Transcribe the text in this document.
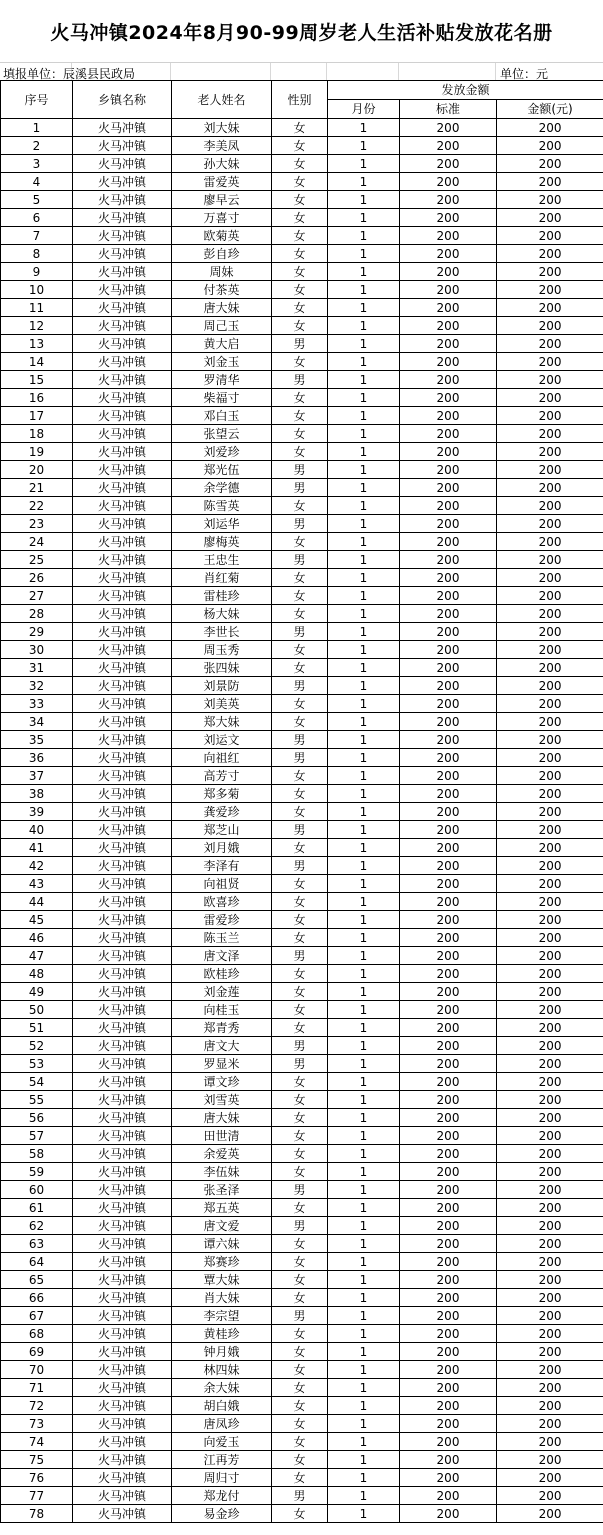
火马冲镇2024年8月90-99周岁老人生活补贴发放花名册
填报单位：辰溪县民政局	单位：元
序号	乡镇名称	老人姓名	性别	发放金额		
				月份	标准	金额(元)
1	火马冲镇	刘大妹	女	1	200	200
2	火马冲镇	李美凤	女	1	200	200
3	火马冲镇	孙大妹	女	1	200	200
4	火马冲镇	雷爱英	女	1	200	200
5	火马冲镇	廖早云	女	1	200	200
6	火马冲镇	万喜寸	女	1	200	200
7	火马冲镇	欧菊英	女	1	200	200
8	火马冲镇	彭自珍	女	1	200	200
9	火马冲镇	周妹	女	1	200	200
10	火马冲镇	付茶英	女	1	200	200
11	火马冲镇	唐大妹	女	1	200	200
12	火马冲镇	周己玉	女	1	200	200
13	火马冲镇	黄大启	男	1	200	200
14	火马冲镇	刘金玉	女	1	200	200
15	火马冲镇	罗清华	男	1	200	200
16	火马冲镇	柴福寸	女	1	200	200
17	火马冲镇	邓白玉	女	1	200	200
18	火马冲镇	张望云	女	1	200	200
19	火马冲镇	刘爱珍	女	1	200	200
20	火马冲镇	郑光伍	男	1	200	200
21	火马冲镇	余学德	男	1	200	200
22	火马冲镇	陈雪英	女	1	200	200
23	火马冲镇	刘运华	男	1	200	200
24	火马冲镇	廖梅英	女	1	200	200
25	火马冲镇	王忠生	男	1	200	200
26	火马冲镇	肖红菊	女	1	200	200
27	火马冲镇	雷桂珍	女	1	200	200
28	火马冲镇	杨大妹	女	1	200	200
29	火马冲镇	李世长	男	1	200	200
30	火马冲镇	周玉秀	女	1	200	200
31	火马冲镇	张四妹	女	1	200	200
32	火马冲镇	刘景防	男	1	200	200
33	火马冲镇	刘美英	女	1	200	200
34	火马冲镇	郑大妹	女	1	200	200
35	火马冲镇	刘运文	男	1	200	200
36	火马冲镇	向祖红	男	1	200	200
37	火马冲镇	高芳寸	女	1	200	200
38	火马冲镇	郑多菊	女	1	200	200
39	火马冲镇	龚爱珍	女	1	200	200
40	火马冲镇	郑芝山	男	1	200	200
41	火马冲镇	刘月娥	女	1	200	200
42	火马冲镇	李泽有	男	1	200	200
43	火马冲镇	向祖贤	女	1	200	200
44	火马冲镇	欧喜珍	女	1	200	200
45	火马冲镇	雷爱珍	女	1	200	200
46	火马冲镇	陈玉兰	女	1	200	200
47	火马冲镇	唐文泽	男	1	200	200
48	火马冲镇	欧桂珍	女	1	200	200
49	火马冲镇	刘金莲	女	1	200	200
50	火马冲镇	向桂玉	女	1	200	200
51	火马冲镇	郑青秀	女	1	200	200
52	火马冲镇	唐文大	男	1	200	200
53	火马冲镇	罗显米	男	1	200	200
54	火马冲镇	谭文珍	女	1	200	200
55	火马冲镇	刘雪英	女	1	200	200
56	火马冲镇	唐大妹	女	1	200	200
57	火马冲镇	田世清	女	1	200	200
58	火马冲镇	余爱英	女	1	200	200
59	火马冲镇	李伍妹	女	1	200	200
60	火马冲镇	张圣泽	男	1	200	200
61	火马冲镇	郑五英	女	1	200	200
62	火马冲镇	唐文爱	男	1	200	200
63	火马冲镇	谭六妹	女	1	200	200
64	火马冲镇	郑赛珍	女	1	200	200
65	火马冲镇	覃大妹	女	1	200	200
66	火马冲镇	肖大妹	女	1	200	200
67	火马冲镇	李宗望	男	1	200	200
68	火马冲镇	黄桂珍	女	1	200	200
69	火马冲镇	钟月娥	女	1	200	200
70	火马冲镇	林四妹	女	1	200	200
71	火马冲镇	余大妹	女	1	200	200
72	火马冲镇	胡白娥	女	1	200	200
73	火马冲镇	唐凤珍	女	1	200	200
74	火马冲镇	向爱玉	女	1	200	200
75	火马冲镇	江再芳	女	1	200	200
76	火马冲镇	周归寸	女	1	200	200
77	火马冲镇	郑龙付	男	1	200	200
78	火马冲镇	易金珍	女	1	200	200
